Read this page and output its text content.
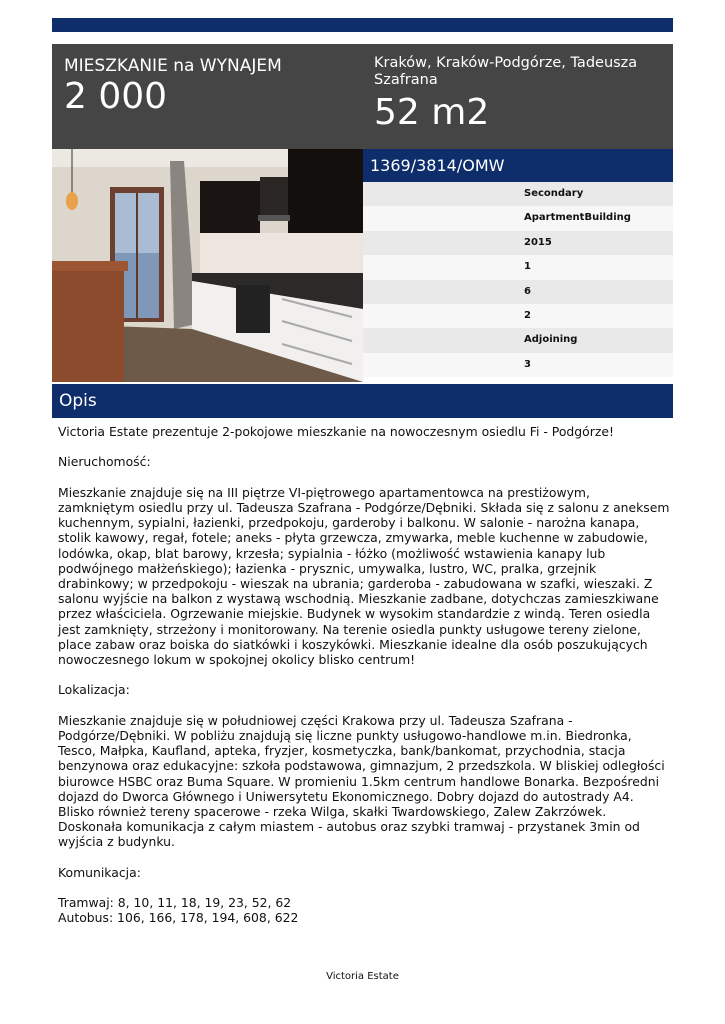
MIESZKANIE na WYNAJEM
2 000
Kraków, Kraków-Podgórze, Tadeusza Szafrana
52 m2
1369/3814/OMW
Secondary
ApartmentBuilding
2015
1
6
2
Adjoining
3
Opis

Victoria Estate prezentuje 2-pokojowe mieszkanie na nowoczesnym osiedlu Fi - Podgórze!

Nieruchomość:

Mieszkanie znajduje się na III piętrze VI-piętrowego apartamentowca na prestiżowym, zamkniętym osiedlu przy ul. Tadeusza Szafrana - Podgórze/Dębniki. Składa się z salonu z aneksem kuchennym, sypialni, łazienki, przedpokoju, garderoby i balkonu. W salonie - narożna kanapa, stolik kawowy, regał, fotele; aneks - płyta grzewcza, zmywarka, meble kuchenne w zabudowie, lodówka, okap, blat barowy, krzesła; sypialnia - łóżko (możliwość wstawienia kanapy lub podwójnego małżeńskiego); łazienka - prysznic, umywalka, lustro, WC, pralka, grzejnik drabinkowy; w przedpokoju - wieszak na ubrania; garderoba - zabudowana w szafki, wieszaki. Z salonu wyjście na balkon z wystawą wschodnią. Mieszkanie zadbane, dotychczas zamieszkiwane przez właściciela. Ogrzewanie miejskie. Budynek w wysokim standardzie z windą. Teren osiedla jest zamknięty, strzeżony i monitorowany. Na terenie osiedla punkty usługowe tereny zielone, place zabaw oraz boiska do siatkówki i koszykówki. Mieszkanie idealne dla osób poszukujących nowoczesnego lokum w spokojnej okolicy blisko centrum!

Lokalizacja:

Mieszkanie znajduje się w południowej części Krakowa przy ul. Tadeusza Szafrana - Podgórze/Dębniki. W pobliżu znajdują się liczne punkty usługowo-handlowe m.in. Biedronka, Tesco, Małpka, Kaufland, apteka, fryzjer, kosmetyczka, bank/bankomat, przychodnia, stacja benzynowa oraz edukacyjne: szkoła podstawowa, gimnazjum, 2 przedszkola. W bliskiej odległości biurowce HSBC oraz Buma Square. W promieniu 1.5km centrum handlowe Bonarka. Bezpośredni dojazd do Dworca Głównego i Uniwersytetu Ekonomicznego. Dobry dojazd do autostrady A4. Blisko również tereny spacerowe - rzeka Wilga, skałki Twardowskiego, Zalew Zakrzówek. Doskonała komunikacja z całym miastem - autobus oraz szybki tramwaj - przystanek 3min od wyjścia z budynku.

Komunikacja:

Tramwaj: 8, 10, 11, 18, 19, 23, 52, 62

Autobus: 106, 166, 178, 194, 608, 622

Victoria Estate
